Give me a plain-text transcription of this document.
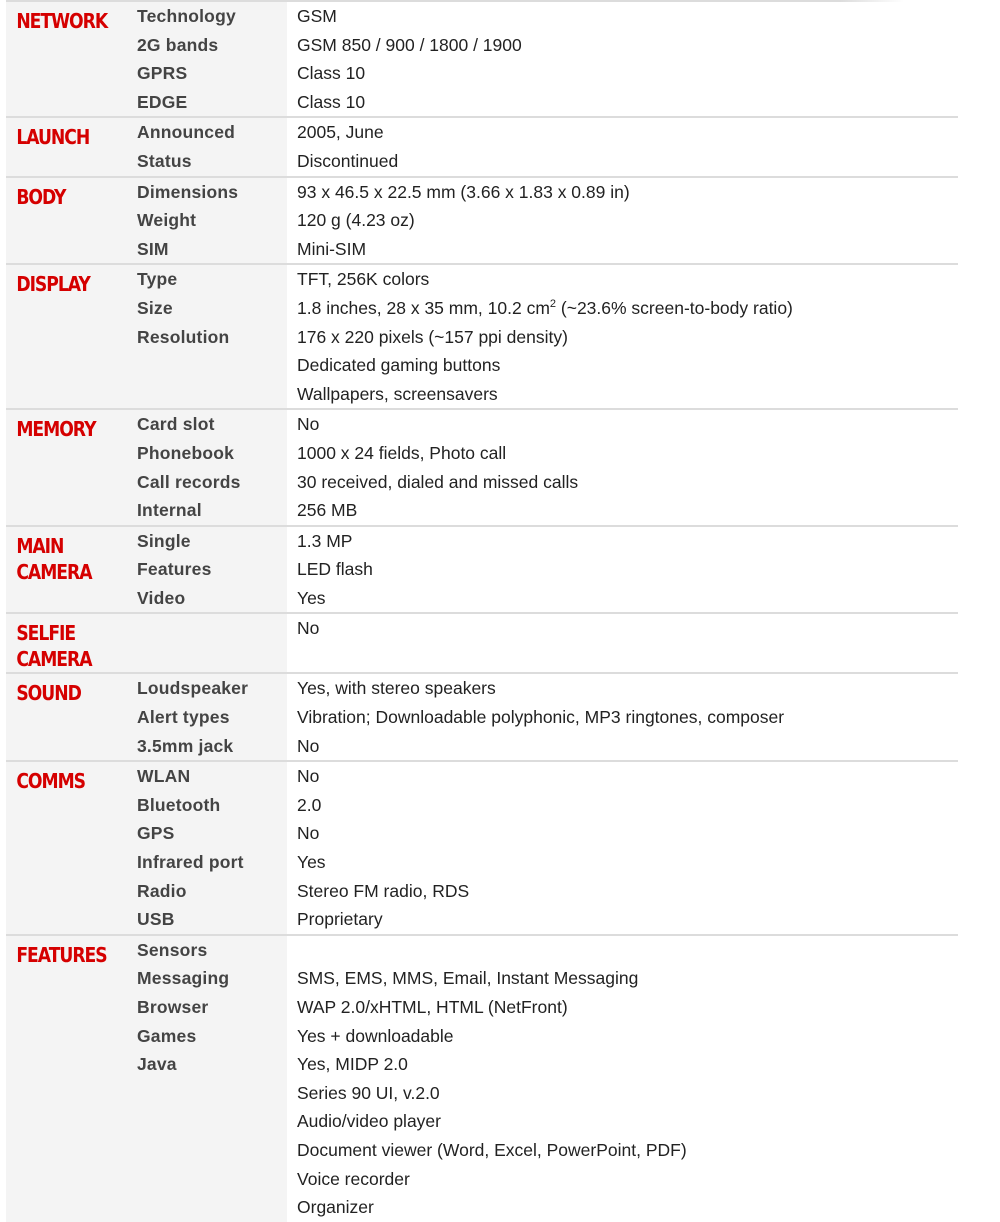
NETWORK	Technology	GSM
	2G bands	GSM 850 / 900 / 1800 / 1900
	GPRS	Class 10
	EDGE	Class 10

LAUNCH	Announced	2005, June
	Status	Discontinued

BODY	Dimensions	93 x 46.5 x 22.5 mm (3.66 x 1.83 x 0.89 in)
	Weight	120 g (4.23 oz)
	SIM	Mini-SIM

DISPLAY	Type	TFT, 256K colors
	Size	1.8 inches, 28 x 35 mm, 10.2 $cm^2$ (~23.6% screen-to-body ratio)
	Resolution	176 x 220 pixels (~157 ppi density)
		Dedicated gaming buttons
		Wallpapers, screensavers

MEMORY	Card slot	No
	Phonebook	1000 x 24 fields, Photo call
	Call records	30 received, dialed and missed calls
	Internal	256 MB

MAIN
CAMERA	Single	1.3 MP
	Features	LED flash
	Video	Yes

SELFIE
CAMERA		No

SOUND	Loudspeaker	Yes, with stereo speakers
	Alert types	Vibration; Downloadable polyphonic, MP3 ringtones, composer
	3.5mm jack	No

COMMS	WLAN	No
	Bluetooth	2.0
	GPS	No
	Infrared port	Yes
	Radio	Stereo FM radio, RDS
	USB	Proprietary

FEATURES	Sensors	
	Messaging	SMS, EMS, MMS, Email, Instant Messaging
	Browser	WAP 2.0/xHTML, HTML (NetFront)
	Games	Yes + downloadable
	Java	Yes, MIDP 2.0
		Series 90 UI, v.2.0
		Audio/video player
		Document viewer (Word, Excel, PowerPoint, PDF)
		Voice recorder
		Organizer
